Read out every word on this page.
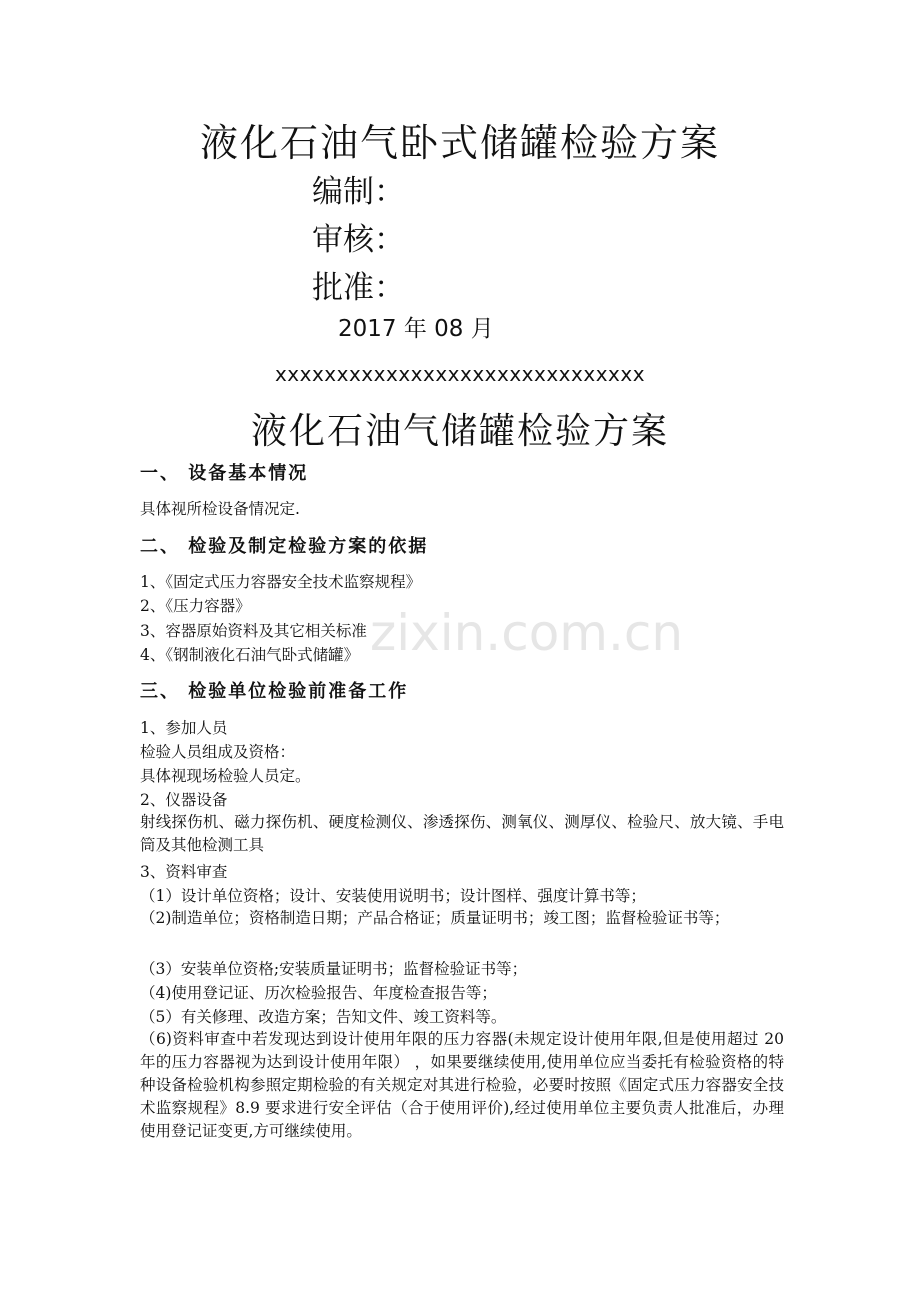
zixin.com.cn
液化石油气卧式储罐检验方案
编制：
审核：
批准：
2017 年 08 月
xxxxxxxxxxxxxxxxxxxxxxxxxxxxxx
液化石油气储罐检验方案
一、 设备基本情况
具体视所检设备情况定.
二、 检验及制定检验方案的依据
1、《固定式压力容器安全技术监察规程》
2、《压力容器》
3、容器原始资料及其它相关标准
4、《钢制液化石油气卧式储罐》
三、 检验单位检验前准备工作
1、参加人员
检验人员组成及资格：
具体视现场检验人员定。
2、仪器设备
射线探伤机、磁力探伤机、硬度检测仪、渗透探伤、测氧仪、测厚仪、检验尺、放大镜、手电筒及其他检测工具
3、资料审查
（1）设计单位资格；设计、安装使用说明书；设计图样、强度计算书等；
（2)制造单位；资格制造日期；产品合格证；质量证明书；竣工图；监督检验证书等；
（3）安装单位资格;安装质量证明书；监督检验证书等；
（4)使用登记证、历次检验报告、年度检查报告等；
（5）有关修理、改造方案；告知文件、竣工资料等。
（6)资料审查中若发现达到设计使用年限的压力容器(未规定设计使用年限,但是使用超过 20 年的压力容器视为达到设计使用年限） ，如果要继续使用,使用单位应当委托有检验资格的特种设备检验机构参照定期检验的有关规定对其进行检验，必要时按照《固定式压力容器安全技术监察规程》8.9 要求进行安全评估（合于使用评价),经过使用单位主要负责人批准后，办理使用登记证变更,方可继续使用。
